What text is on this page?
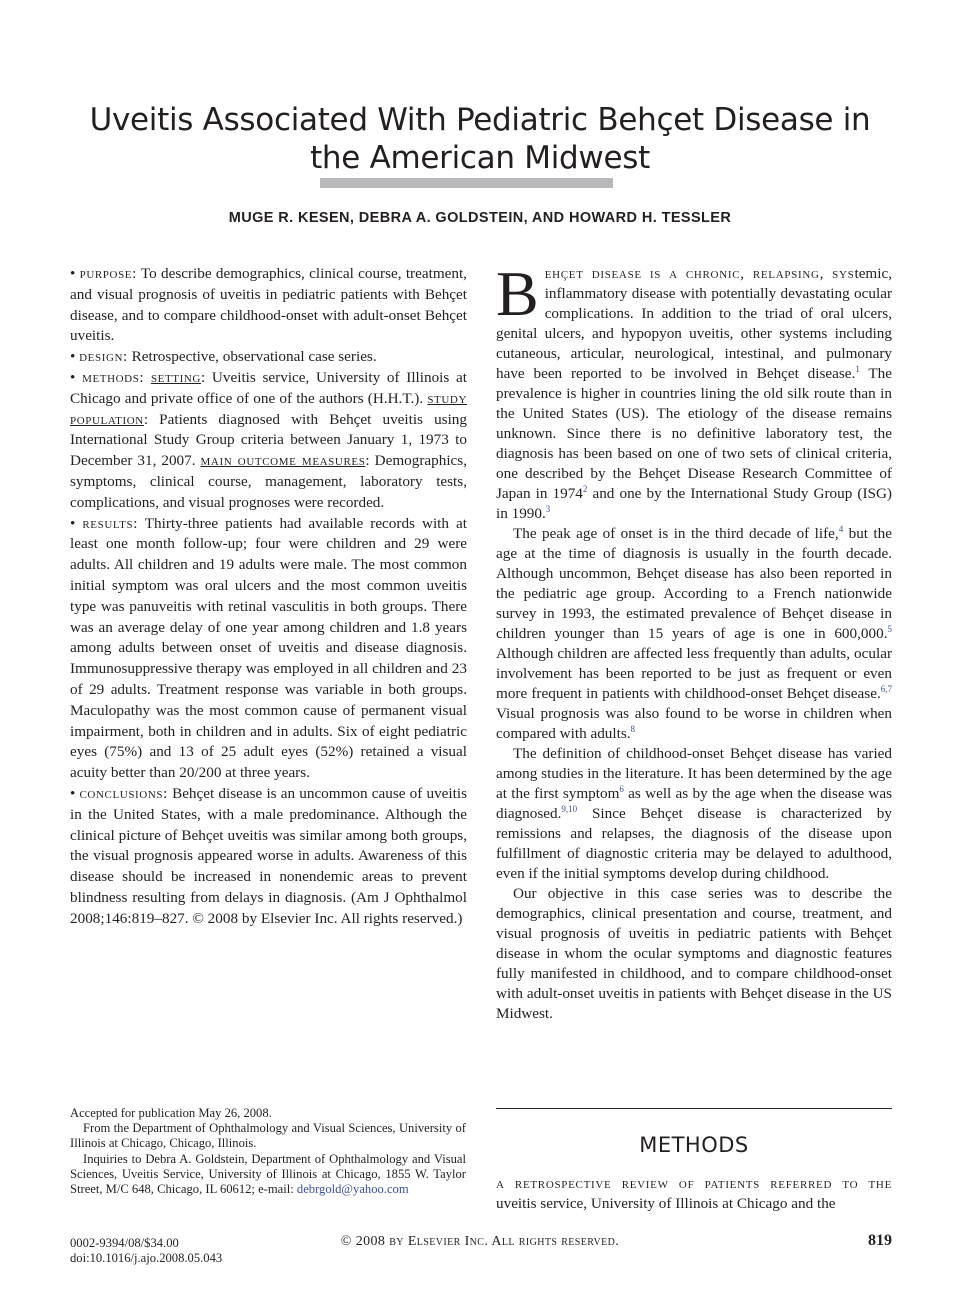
Uveitis Associated With Pediatric Behçet Disease in the American Midwest
MUGE R. KESEN, DEBRA A. GOLDSTEIN, AND HOWARD H. TESSLER

• purpose: To describe demographics, clinical course, treatment, and visual prognosis of uveitis in pediatric patients with Behçet disease, and to compare childhood-onset with adult-onset Behçet uveitis.

• design: Retrospective, observational case series.

• methods: setting: Uveitis service, University of Illinois at Chicago and private office of one of the authors (H.H.T.). study population: Patients diagnosed with Behçet uveitis using International Study Group criteria between January 1, 1973 to December 31, 2007. main outcome measures: Demographics, symptoms, clinical course, management, laboratory tests, complications, and visual prognoses were recorded.

• results: Thirty-three patients had available records with at least one month follow-up; four were children and 29 were adults. All children and 19 adults were male. The most common initial symptom was oral ulcers and the most common uveitis type was panuveitis with retinal vasculitis in both groups. There was an average delay of one year among children and 1.8 years among adults between onset of uveitis and disease diagnosis. Immunosuppressive therapy was employed in all children and 23 of 29 adults. Treatment response was variable in both groups. Maculopathy was the most common cause of permanent visual impairment, both in children and in adults. Six of eight pediatric eyes (75%) and 13 of 25 adult eyes (52%) retained a visual acuity better than 20/200 at three years.

• conclusions: Behçet disease is an uncommon cause of uveitis in the United States, with a male predominance. Although the clinical picture of Behçet uveitis was similar among both groups, the visual prognosis appeared worse in adults. Awareness of this disease should be increased in nonendemic areas to prevent blindness resulting from delays in diagnosis. (Am J Ophthalmol 2008;146:819–827. © 2008 by Elsevier Inc. All rights reserved.)

Behçet disease is a chronic, relapsing, systemic, inflammatory disease with potentially devastating ocular complications. In addition to the triad of oral ulcers, genital ulcers, and hypopyon uveitis, other systems including cutaneous, articular, neurological, intestinal, and pulmonary have been reported to be involved in Behçet disease.$^1$ The prevalence is higher in countries lining the old silk route than in the United States (US). The etiology of the disease remains unknown. Since there is no definitive laboratory test, the diagnosis has been based on one of two sets of clinical criteria, one described by the Behçet Disease Research Committee of Japan in 1974$^2$ and one by the International Study Group (ISG) in 1990.$^3$

The peak age of onset is in the third decade of life,$^4$ but the age at the time of diagnosis is usually in the fourth decade. Although uncommon, Behçet disease has also been reported in the pediatric age group. According to a French nationwide survey in 1993, the estimated prevalence of Behçet disease in children younger than 15 years of age is one in 600,000.$^5$ Although children are affected less frequently than adults, ocular involvement has been reported to be just as frequent or even more frequent in patients with childhood-onset Behçet disease.$^{6,7}$ Visual prognosis was also found to be worse in children when compared with adults.$^8$

The definition of childhood-onset Behçet disease has varied among studies in the literature. It has been determined by the age at the first symptom$^6$ as well as by the age when the disease was diagnosed.$^{9,10}$ Since Behçet disease is characterized by remissions and relapses, the diagnosis of the disease upon fulfillment of diagnostic criteria may be delayed to adulthood, even if the initial symptoms develop during childhood.

Our objective in this case series was to describe the demographics, clinical presentation and course, treatment, and visual prognosis of uveitis in pediatric patients with Behçet disease in whom the ocular symptoms and diagnostic features fully manifested in childhood, and to compare childhood-onset with adult-onset uveitis in patients with Behçet disease in the US Midwest.

METHODS
a retrospective review of patients referred to the uveitis service, University of Illinois at Chicago and the

Accepted for publication May 26, 2008.

From the Department of Ophthalmology and Visual Sciences, University of Illinois at Chicago, Chicago, Illinois.

Inquiries to Debra A. Goldstein, Department of Ophthalmology and Visual Sciences, Uveitis Service, University of Illinois at Chicago, 1855 W. Taylor Street, M/C 648, Chicago, IL 60612; e-mail: debrgold@yahoo.com

0002-9394/08/$34.00
doi:10.1016/j.ajo.2008.05.043
© 2008 by Elsevier Inc. All rights reserved.	819
